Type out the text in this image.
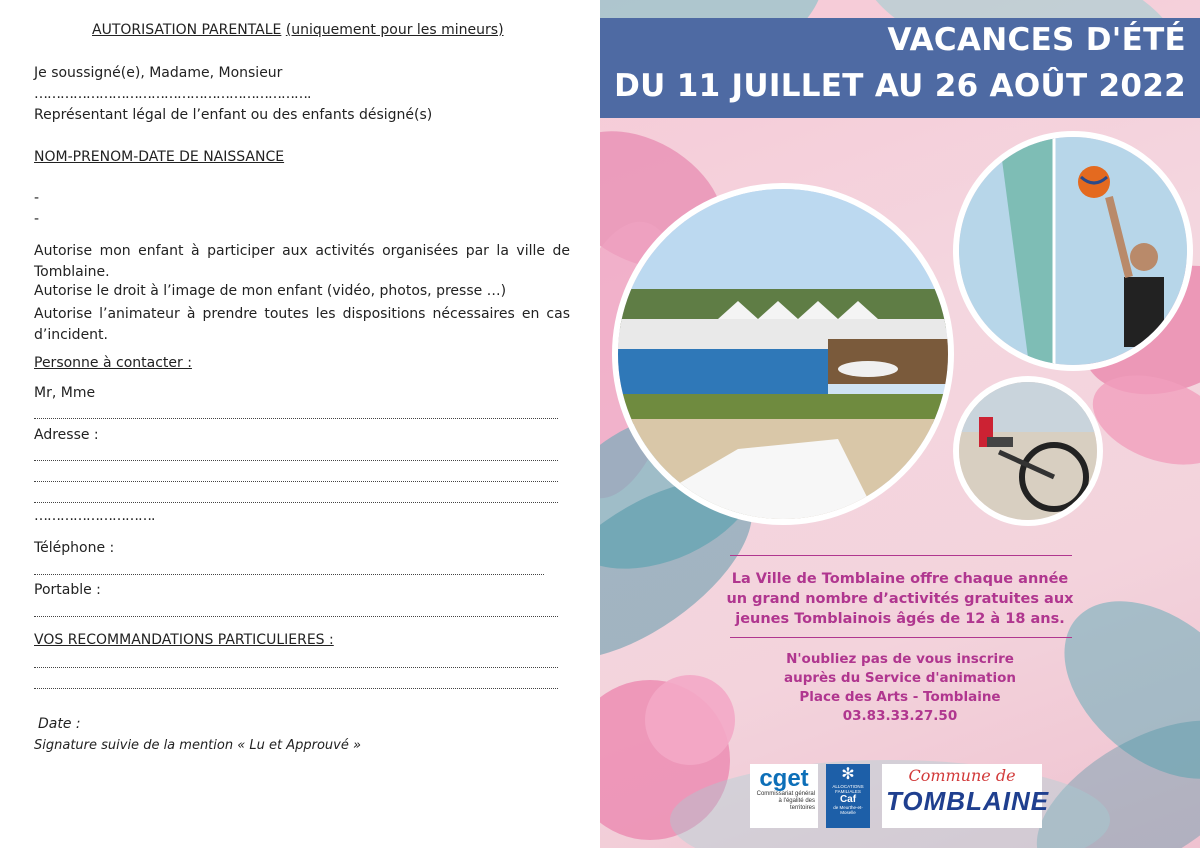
AUTORISATION PARENTALE (uniquement pour les mineurs)

Je soussigné(e), Madame, Monsieur

……………………………………………………….

Représentant légal de l’enfant ou des enfants désigné(s)

NOM-PRENOM-DATE DE NAISSANCE

-

-

Autorise mon enfant à participer aux activités organisées par la ville de Tomblaine.

Autorise le droit à l’image de mon enfant (vidéo, photos, presse …)

Autorise l’animateur à prendre toutes les dispositions nécessaires en cas d’incident.

Personne à contacter :

Mr, Mme

Adresse :

……………………….

Téléphone :

Portable :

VOS RECOMMANDATIONS PARTICULIERES :

Date :

Signature suivie de la mention « Lu et Approuvé »

VACANCES D'ÉTÉ
DU 11 JUILLET AU 26 AOÛT 2022
La Ville de Tomblaine offre chaque année
un grand nombre d’activités gratuites aux
jeunes Tomblainois âgés de 12 à 18 ans.
N'oubliez pas de vous inscrire
auprès du Service d'animation
Place des Arts - Tomblaine
03.83.33.27.50
cget
Commissariat général à l'égalité des territoires
✻
ALLOCATIONS FAMILIALES
Caf
de Meurthe-et-Moselle
Commune de
TOMBLAINE
